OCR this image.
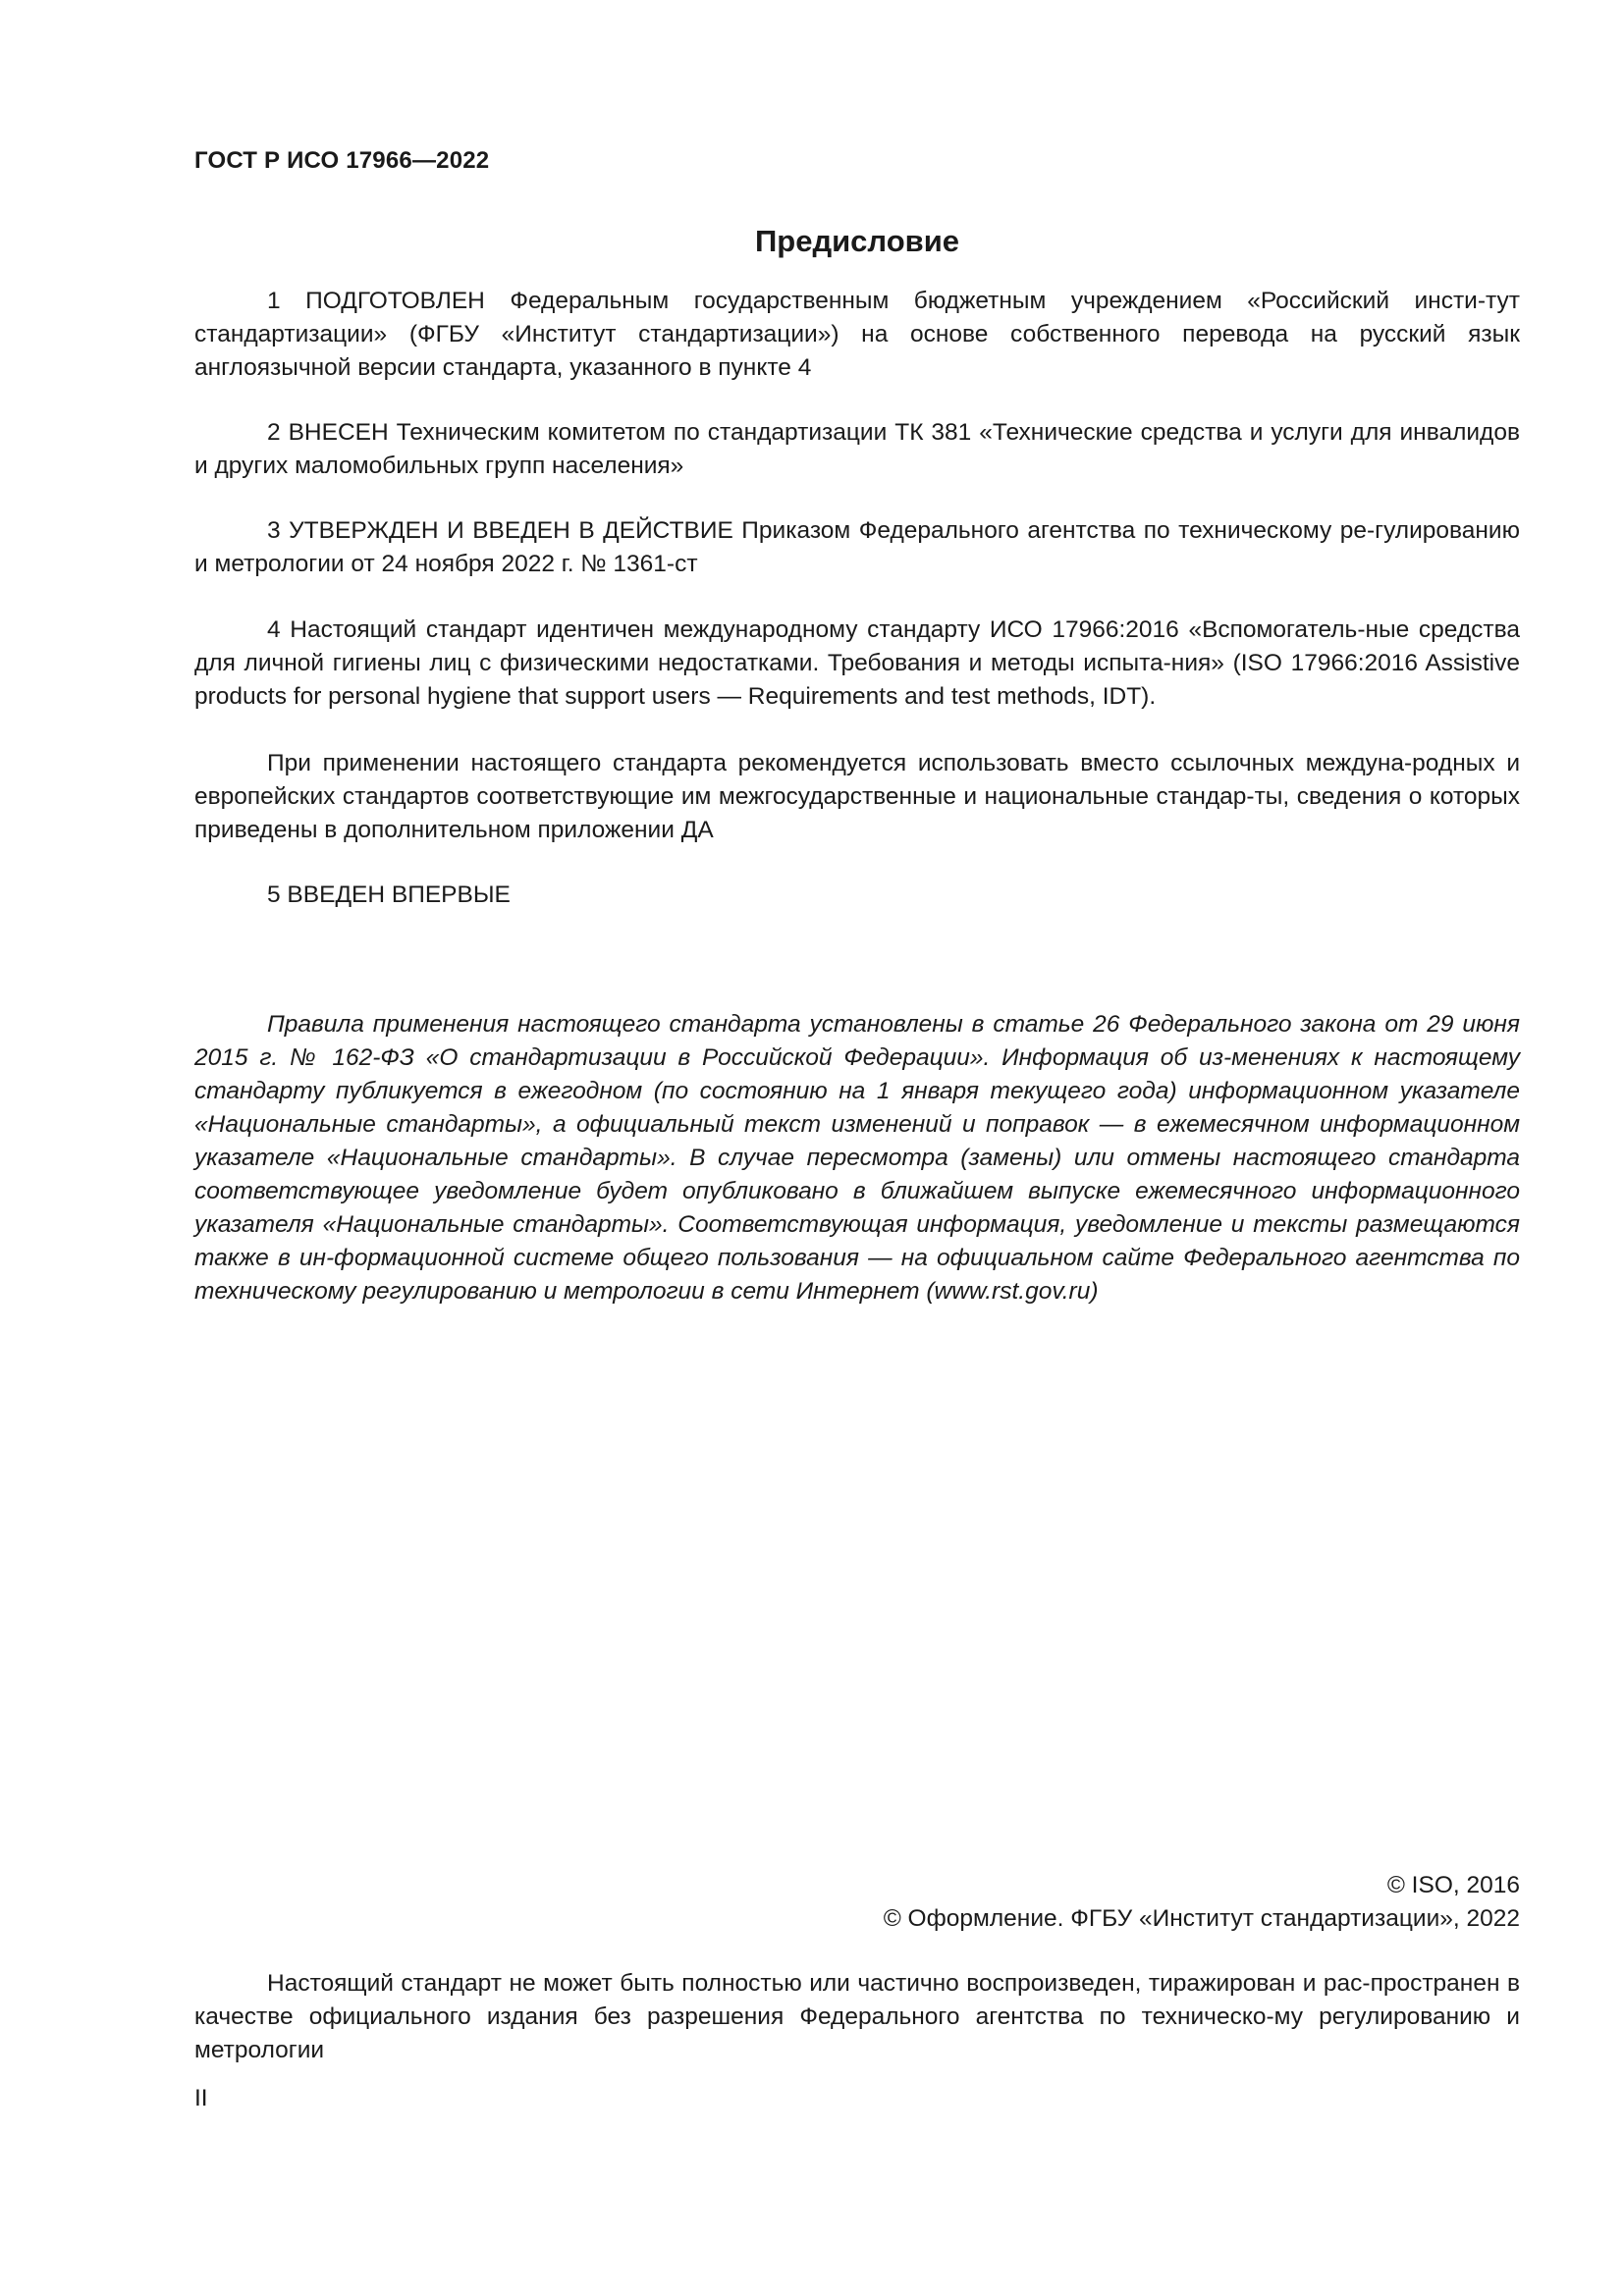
ГОСТ Р ИСО 17966—2022
Предисловие
1 ПОДГОТОВЛЕН Федеральным государственным бюджетным учреждением «Российский инсти-тут стандартизации» (ФГБУ «Институт стандартизации») на основе собственного перевода на русский язык англоязычной версии стандарта, указанного в пункте 4
2 ВНЕСЕН Техническим комитетом по стандартизации ТК 381 «Технические средства и услуги для инвалидов и других маломобильных групп населения»
3 УТВЕРЖДЕН И ВВЕДЕН В ДЕЙСТВИЕ Приказом Федерального агентства по техническому ре-гулированию и метрологии от 24 ноября 2022 г. № 1361-ст
4 Настоящий стандарт идентичен международному стандарту ИСО 17966:2016 «Вспомогатель-ные средства для личной гигиены лиц с физическими недостатками. Требования и методы испыта-ния» (ISO 17966:2016 Assistive products for personal hygiene that support users — Requirements and test methods, IDT).
При применении настоящего стандарта рекомендуется использовать вместо ссылочных междуна-родных и европейских стандартов соответствующие им межгосударственные и национальные стандар-ты, сведения о которых приведены в дополнительном приложении ДА
5 ВВЕДЕН ВПЕРВЫЕ
Правила применения настоящего стандарта установлены в статье 26 Федерального закона от 29 июня 2015 г. № 162-ФЗ «О стандартизации в Российской Федерации». Информация об из-менениях к настоящему стандарту публикуется в ежегодном (по состоянию на 1 января текущего года) информационном указателе «Национальные стандарты», а официальный текст изменений и поправок — в ежемесячном информационном указателе «Национальные стандарты». В случае пересмотра (замены) или отмены настоящего стандарта соответствующее уведомление будет опубликовано в ближайшем выпуске ежемесячного информационного указателя «Национальные стандарты». Соответствующая информация, уведомление и тексты размещаются также в ин-формационной системе общего пользования — на официальном сайте Федерального агентства по техническому регулированию и метрологии в сети Интернет (www.rst.gov.ru)
© ISO, 2016
© Оформление. ФГБУ «Институт стандартизации», 2022
Настоящий стандарт не может быть полностью или частично воспроизведен, тиражирован и рас-пространен в качестве официального издания без разрешения Федерального агентства по техническо-му регулированию и метрологии
II
